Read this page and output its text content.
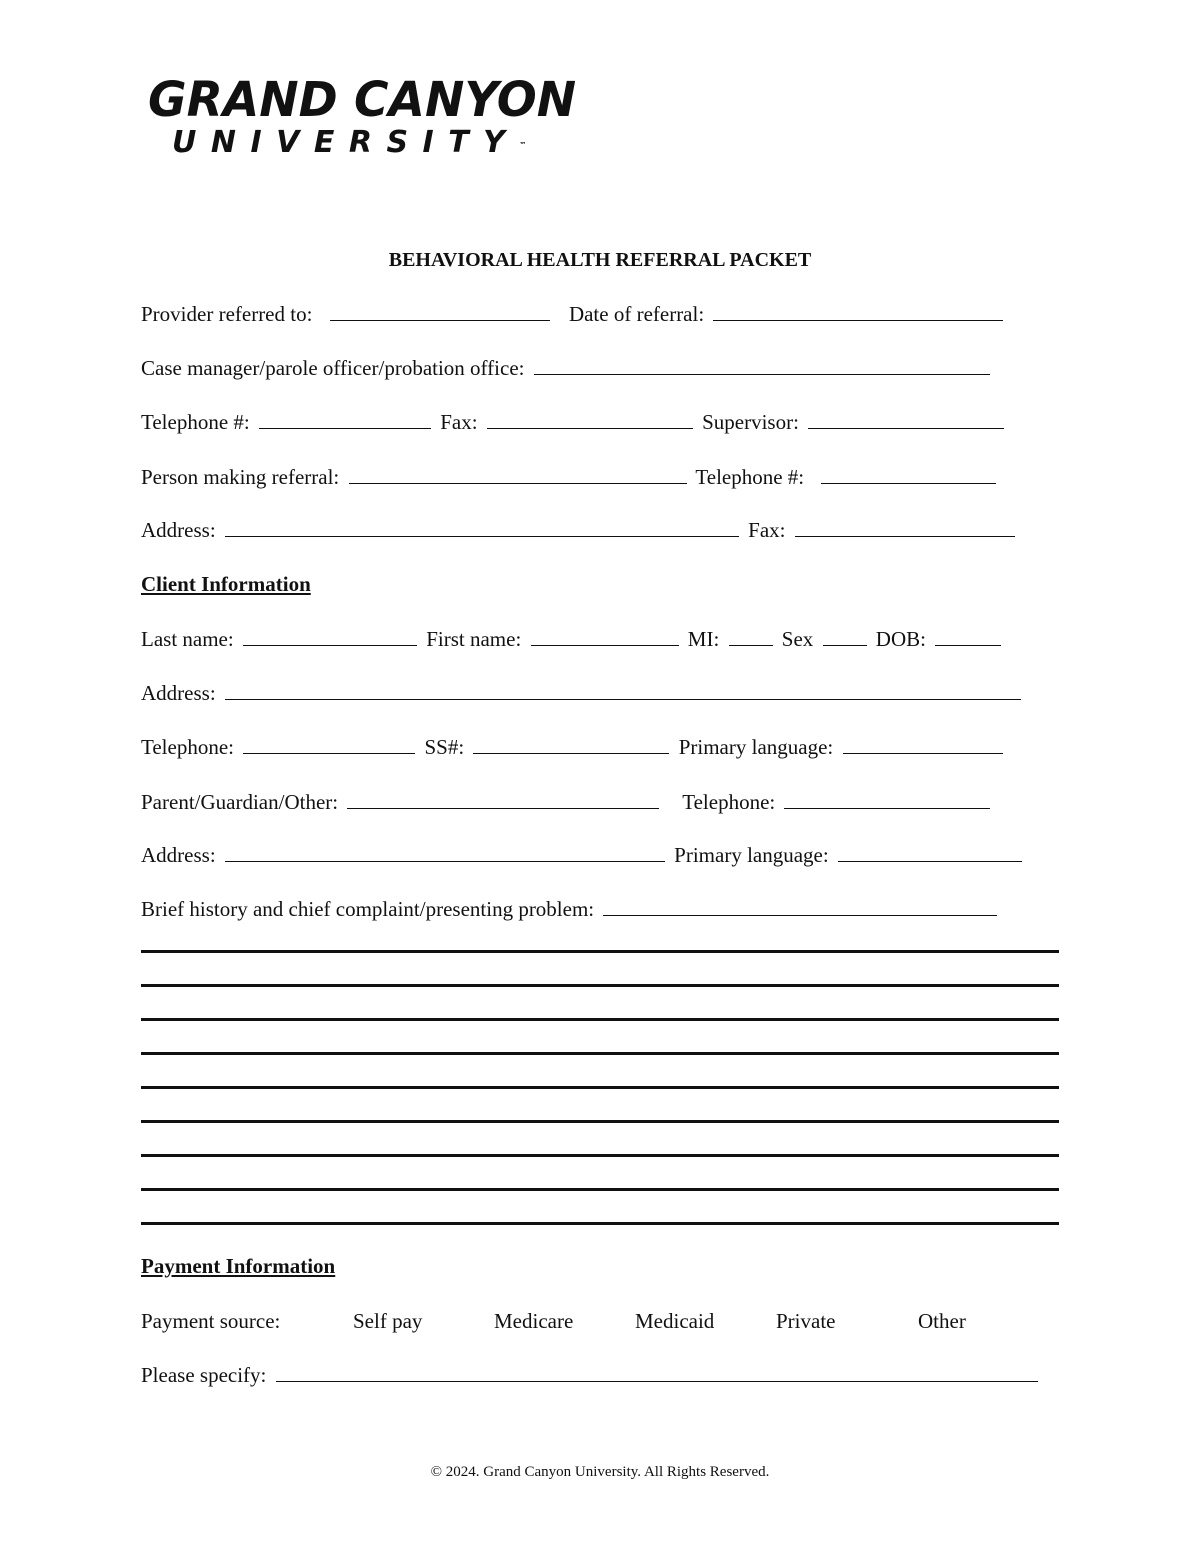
GRAND CANYON
UNIVERSITY™
BEHAVIORAL HEALTH REFERRAL PACKET
Provider referred to:	Date of referral:
Case manager/parole officer/probation office:
Telephone #:	Fax:	Supervisor:
Person making referral:	Telephone #:
Address:	Fax:
Client Information
Last name:	First name:	MI:	Sex	DOB:
Address:
Telephone:	SS#:	Primary language:
Parent/Guardian/Other:	Telephone:
Address:	Primary language:
Brief history and chief complaint/presenting problem:
Payment Information
Payment source:	Self pay	Medicare	Medicaid	Private	Other
Please specify:
© 2024. Grand Canyon University. All Rights Reserved.
